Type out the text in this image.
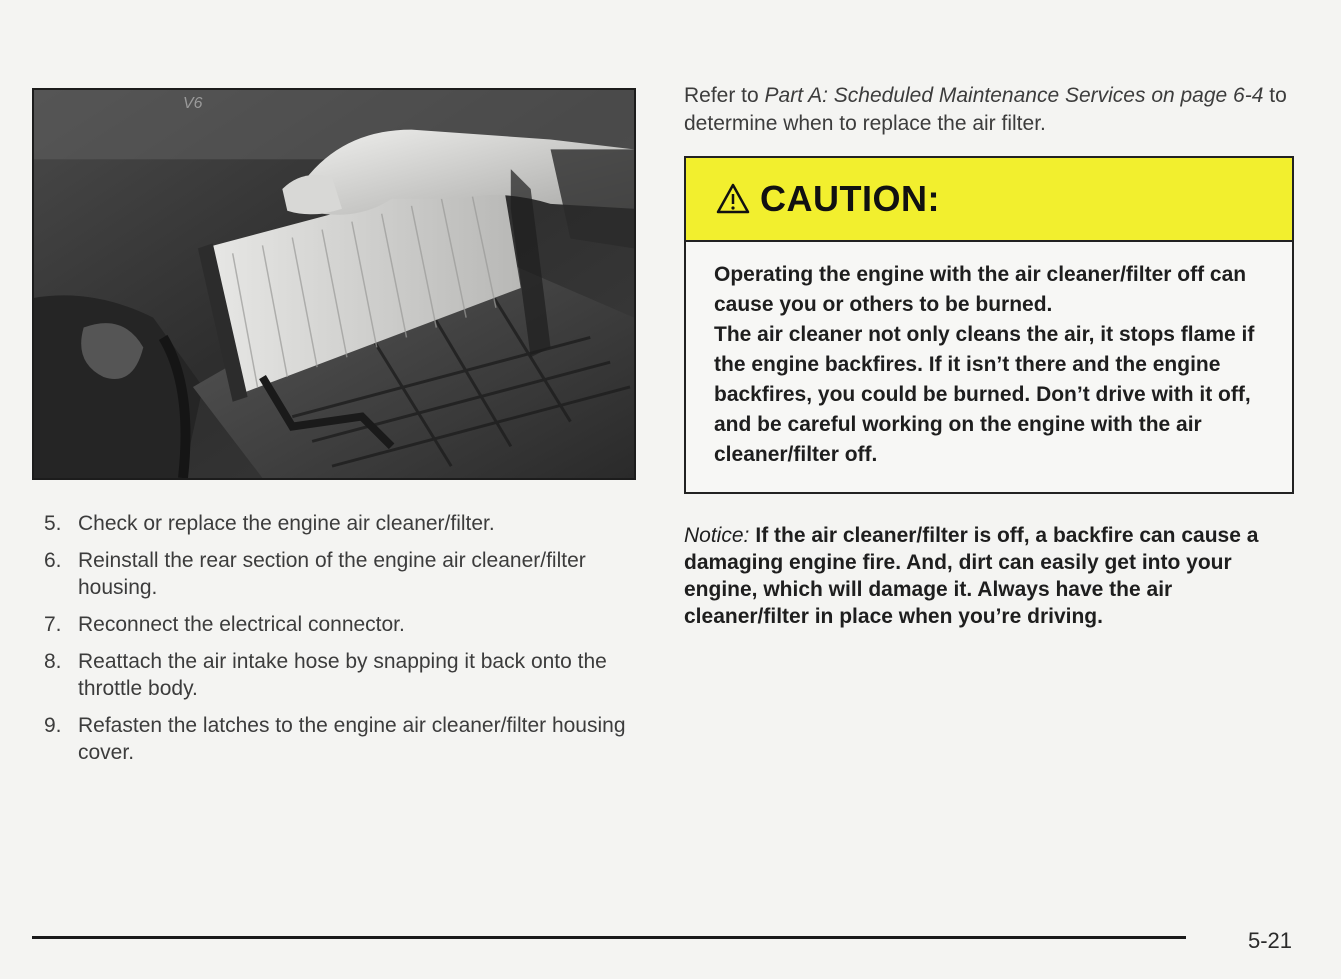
V6
5. Check or replace the engine air cleaner/filter.
6. Reinstall the rear section of the engine air cleaner/filter housing.
7. Reconnect the electrical connector.
8. Reattach the air intake hose by snapping it back onto the throttle body.
9. Refasten the latches to the engine air cleaner/filter housing cover.

Refer to Part A: Scheduled Maintenance Services on page 6-4 to determine when to replace the air filter.

CAUTION:

Operating the engine with the air cleaner/filter off can cause you or others to be burned.

The air cleaner not only cleans the air, it stops flame if the engine backfires. If it isn’t there and the engine backfires, you could be burned. Don’t drive with it off, and be careful working on the engine with the air cleaner/filter off.

Notice: If the air cleaner/filter is off, a backfire can cause a damaging engine fire. And, dirt can easily get into your engine, which will damage it. Always have the air cleaner/filter in place when you’re driving.

5-21
